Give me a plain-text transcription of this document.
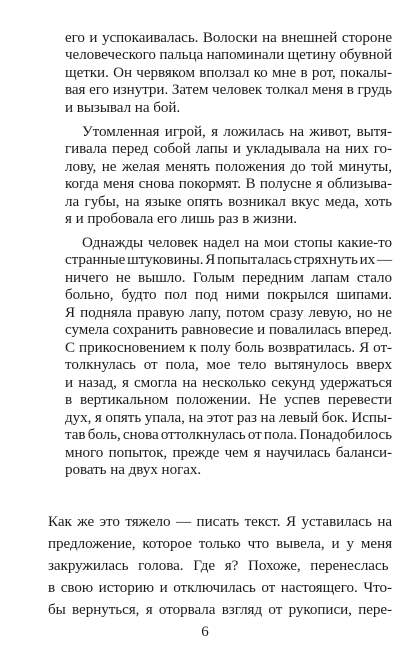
его и успокаивалась. Волоски на внешней стороне
человеческого пальца напоминали щетину обувной
щетки. Он червяком вползал ко мне в рот, покалы-
вая его изнутри. Затем человек толкал меня в грудь
и вызывал на бой.
Утомленная игрой, я ложилась на живот, вытя-
гивала перед собой лапы и укладывала на них го-
лову, не желая менять положения до той минуты,
когда меня снова покормят. В полусне я облизыва-
ла губы, на языке опять возникал вкус меда, хоть
я и пробовала его лишь раз в жизни.
Однажды человек надел на мои стопы какие-то
странные штуковины. Я попыталась стряхнуть их —
ничего не вышло. Голым передним лапам стало
больно, будто пол под ними покрылся шипами.
Я подняла правую лапу, потом сразу левую, но не
сумела сохранить равновесие и повалилась вперед.
С прикосновением к полу боль возвратилась. Я от-
толкнулась от пола, мое тело вытянулось вверх
и назад, я смогла на несколько секунд удержаться
в вертикальном положении. Не успев перевести
дух, я опять упала, на этот раз на левый бок. Испы-
тав боль, снова оттолкнулась от пола. Понадобилось
много попыток, прежде чем я научилась баланси-
ровать на двух ногах.
Как же это тяжело — писать текст. Я уставилась на
предложение, которое только что вывела, и у меня
закружилась голова. Где я? Похоже, перенеслась
в свою историю и отключилась от настоящего. Что-
бы вернуться, я оторвала взгляд от рукописи, пере-
6
